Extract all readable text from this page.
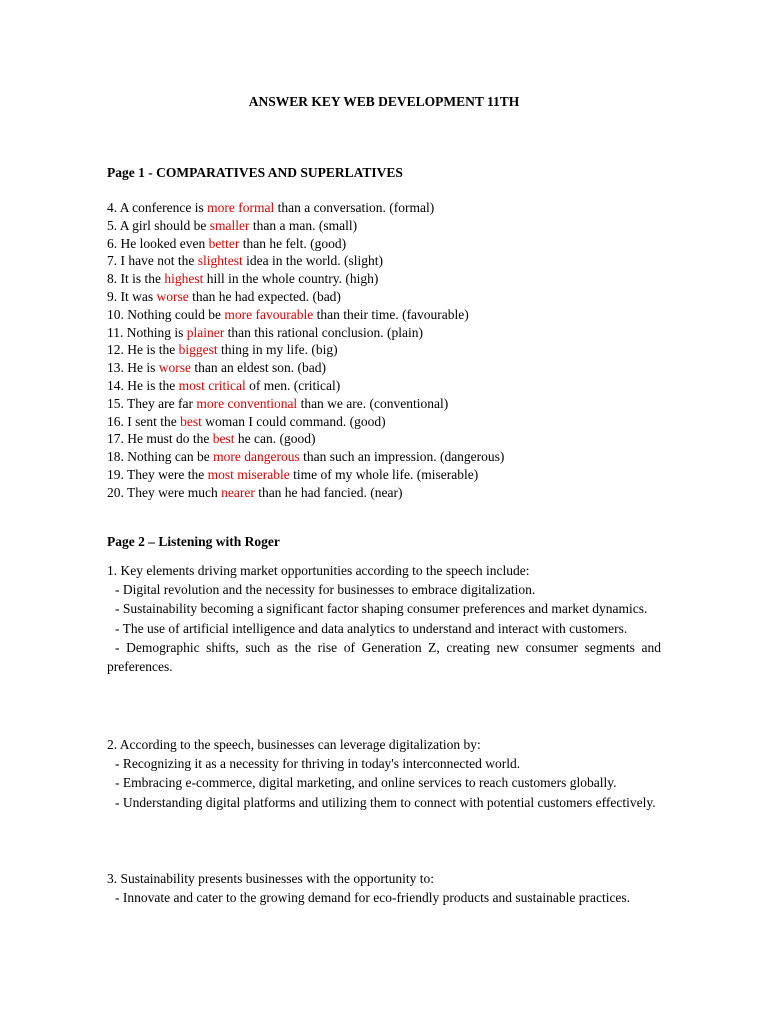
ANSWER KEY WEB DEVELOPMENT 11TH
Page 1 - COMPARATIVES AND SUPERLATIVES
4. A conference is more formal than a conversation. (formal)
5. A girl should be smaller than a man. (small)
6. He looked even better than he felt. (good)
7. I have not the slightest idea in the world. (slight)
8. It is the highest hill in the whole country. (high)
9. It was worse than he had expected. (bad)
10. Nothing could be more favourable than their time. (favourable)
11. Nothing is plainer than this rational conclusion. (plain)
12. He is the biggest thing in my life. (big)
13. He is worse than an eldest son. (bad)
14. He is the most critical of men. (critical)
15. They are far more conventional than we are. (conventional)
16. I sent the best woman I could command. (good)
17. He must do the best he can. (good)
18. Nothing can be more dangerous than such an impression. (dangerous)
19. They were the most miserable time of my whole life. (miserable)
20. They were much nearer than he had fancied. (near)
Page 2 – Listening with Roger

1. Key elements driving market opportunities according to the speech include:

- Digital revolution and the necessity for businesses to embrace digitalization.

- Sustainability becoming a significant factor shaping consumer preferences and market dynamics.

- The use of artificial intelligence and data analytics to understand and interact with customers.

- Demographic shifts, such as the rise of Generation Z, creating new consumer segments and preferences.

2. According to the speech, businesses can leverage digitalization by:

- Recognizing it as a necessity for thriving in today's interconnected world.

- Embracing e-commerce, digital marketing, and online services to reach customers globally.

- Understanding digital platforms and utilizing them to connect with potential customers effectively.

3. Sustainability presents businesses with the opportunity to:

- Innovate and cater to the growing demand for eco-friendly products and sustainable practices.
